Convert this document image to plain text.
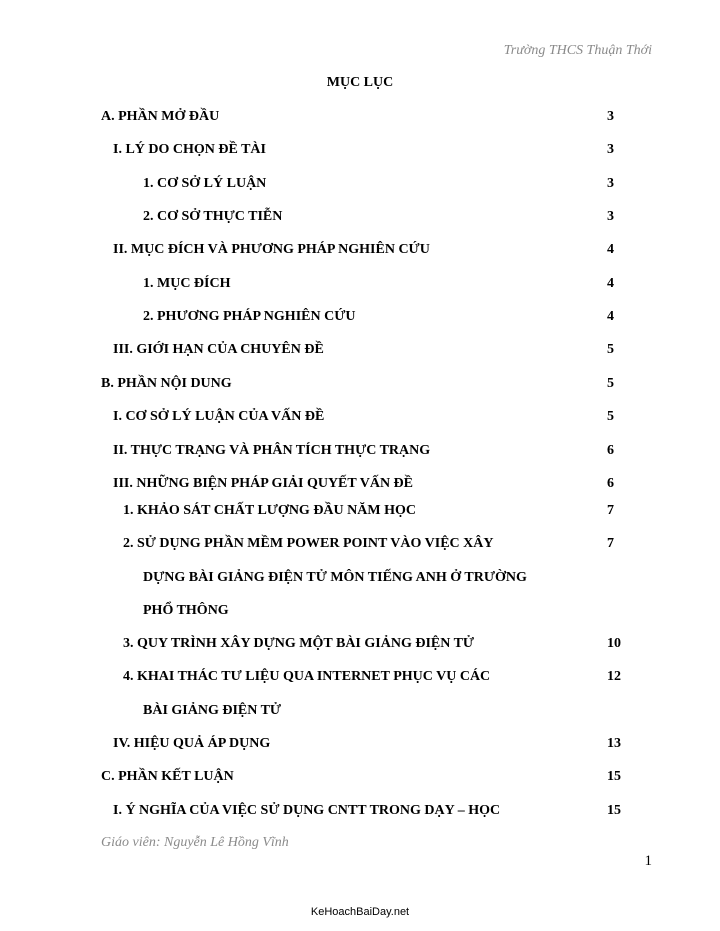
Trường THCS Thuận Thới
MỤC LỤC
A. PHẦN MỞ ĐẦU	3
I. LÝ DO CHỌN ĐỀ TÀI	3
1. CƠ SỞ LÝ LUẬN	3
2. CƠ SỞ THỰC TIỄN	3
II. MỤC ĐÍCH VÀ PHƯƠNG PHÁP NGHIÊN CỨU	4
1. MỤC ĐÍCH	4
2. PHƯƠNG PHÁP NGHIÊN CỨU	4
III. GIỚI HẠN CỦA CHUYÊN ĐỀ	5
B. PHẦN NỘI DUNG	5
I. CƠ SỞ LÝ LUẬN CỦA VẤN ĐỀ	5
II. THỰC TRẠNG VÀ PHÂN TÍCH THỰC TRẠNG	6
III. NHỮNG BIỆN PHÁP GIẢI QUYẾT VẤN ĐỀ	6
1. KHẢO SÁT CHẤT LƯỢNG ĐẦU NĂM HỌC	7
2. SỬ DỤNG PHẦN MỀM POWER POINT VÀO VIỆC XÂY	7
DỰNG BÀI GIẢNG ĐIỆN TỬ MÔN TIẾNG ANH Ở TRƯỜNG
PHỔ THÔNG
3. QUY TRÌNH XÂY DỰNG MỘT BÀI GIẢNG ĐIỆN TỬ	10
4. KHAI THÁC TƯ LIỆU QUA INTERNET PHỤC VỤ CÁC	12
BÀI GIẢNG ĐIỆN TỬ
IV. HIỆU QUẢ ÁP DỤNG	13
C. PHẦN KẾT LUẬN	15
I. Ý NGHĨA CỦA VIỆC SỬ DỤNG CNTT TRONG DẠY – HỌC	15
Giáo viên: Nguyễn Lê Hồng Vĩnh
1
KeHoachBaiDay.net
